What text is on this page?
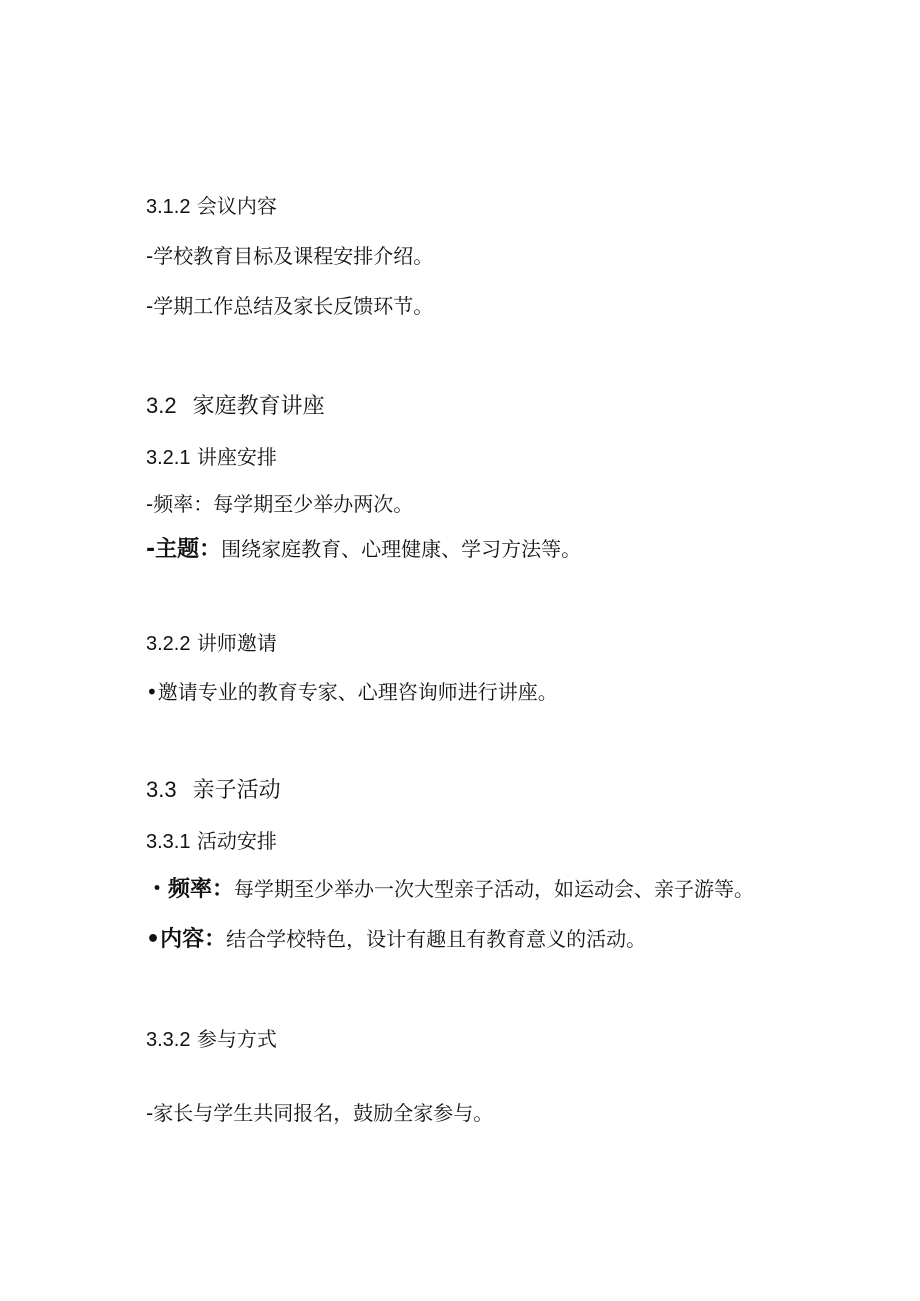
3.1.2 会议内容
-学校教育目标及课程安排介绍。
-学期工作总结及家长反馈环节。
3.2 家庭教育讲座
3.2.1 讲座安排
-频率：每学期至少举办两次。
-主题：围绕家庭教育、心理健康、学习方法等。
3.2.2 讲师邀请
•邀请专业的教育专家、心理咨询师进行讲座。
3.3 亲子活动
3.3.1 活动安排
・频率：每学期至少举办一次大型亲子活动，如运动会、亲子游等。
•内容：结合学校特色，设计有趣且有教育意义的活动。
3.3.2 参与方式
-家长与学生共同报名，鼓励全家参与。
